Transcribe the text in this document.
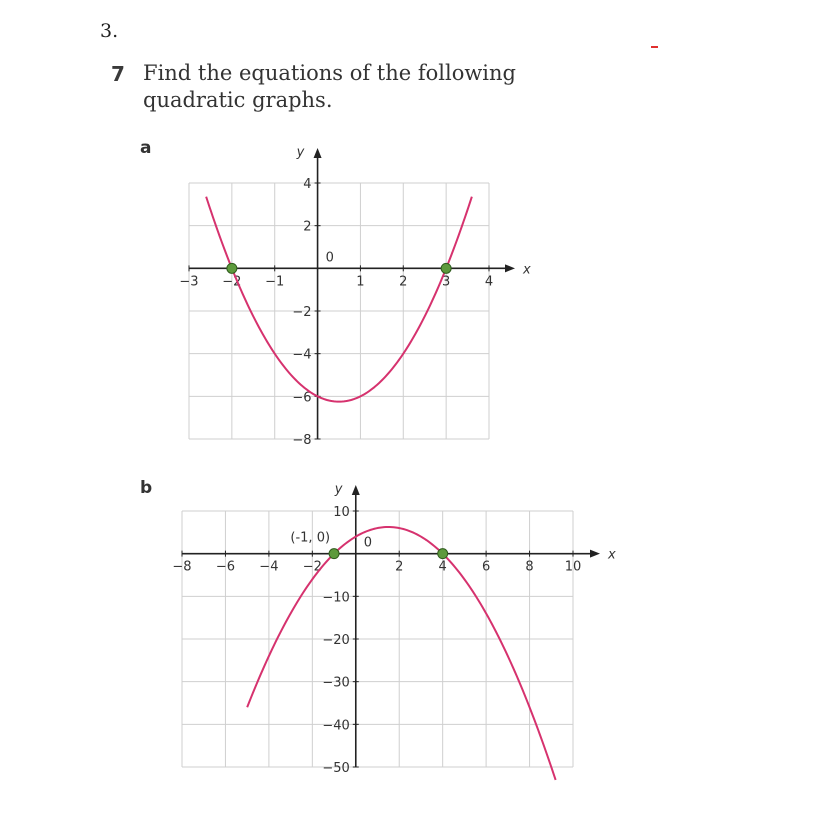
3.
7 Find the equations of the following quadratic graphs.
a
b
x
y
−3 −2 −1	1	2	3	4
4
2
−2
−4
−6
−8
0
x
y
−8 −6 −4 −2	2	4	6	8 10
10
−10
−20
−30
−40
−50
0
(-1, 0)
